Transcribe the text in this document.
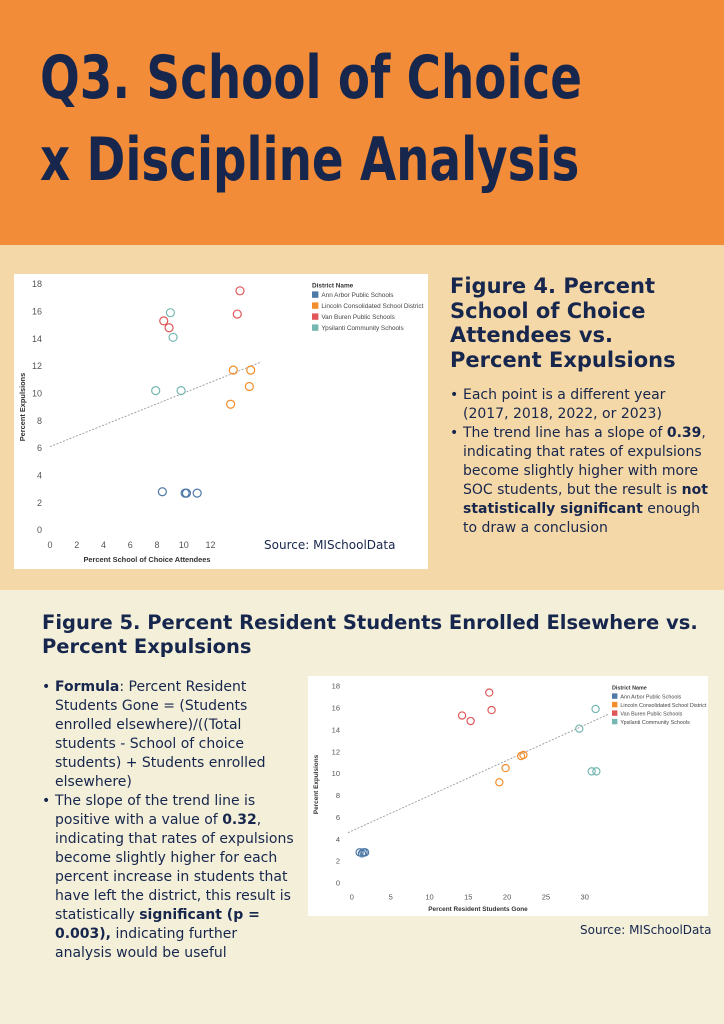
Q3. School of Choice
x Discipline Analysis
0
2
4
6
8
10
12
14
16
18
0 2 4 6 8 10 12
Percent School of Choice Attendees
Percent Expulsions
District Name
Ann Arbor Public Schools
Lincoln Consolidated School District
Van Buren Public Schools
Ypsilanti Community Schools
Source: MISchoolData
Figure 4. Percent School of Choice Attendees vs. Percent Expulsions
• Each point is a different year (2017, 2018, 2022, or 2023)
• The trend line has a slope of 0.39, indicating that rates of expulsions become slightly higher with more SOC students, but the result is not statistically significant enough to draw a conclusion
Figure 5. Percent Resident Students Enrolled Elsewhere vs. Percent Expulsions
• Formula: Percent Resident Students Gone = (Students enrolled elsewhere)/((Total students - School of choice students) + Students enrolled elsewhere)
• The slope of the trend line is positive with a value of 0.32, indicating that rates of expulsions become slightly higher for each percent increase in students that have left the district, this result is statistically significant (p = 0.003), indicating further analysis would be useful
0
2
4
6
8
10
12
14
16
18
0	5	10	15	20	25	30
Percent Resident Students Gone
Percent Expulsions
District Name
Ann Arbor Public Schools
Lincoln Consolidated School District
Van Buren Public Schools
Ypsilanti Community Schools
Source: MISchoolData
